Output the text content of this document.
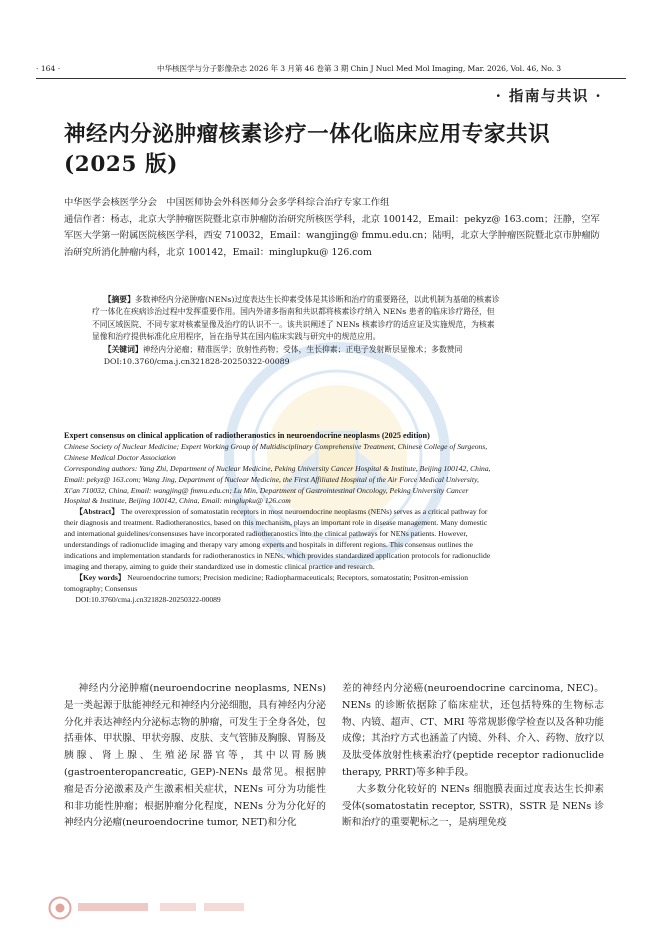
· 164 ·	中华核医学与分子影像杂志 2026 年 3 月第 46 卷第 3 期 Chin J Nucl Med Mol Imaging, Mar. 2026, Vol. 46, No. 3
· 指南与共识 ·
神经内分泌肿瘤核素诊疗一体化临床应用专家共识(2025 版)

中华医学会核医学分会　中国医师协会外科医师分会多学科综合治疗专家工作组

通信作者：杨志，北京大学肿瘤医院暨北京市肿瘤防治研究所核医学科，北京 100142，Email：pekyz@ 163.com；汪静，空军军医大学第一附属医院核医学科，西安 710032，Email：wangjing@ fmmu.edu.cn；陆明，北京大学肿瘤医院暨北京市肿瘤防治研究所消化肿瘤内科，北京 100142，Email：minglupku@ 126.com

【摘要】多数神经内分泌肿瘤(NENs)过度表达生长抑素受体是其诊断和治疗的重要路径，以此机制为基础的核素诊疗一体化在疾病诊治过程中发挥重要作用。国内外诸多指南和共识都将核素诊疗纳入 NENs 患者的临床诊疗路径，但不同区域医院、不同专家对核素显像及治疗的认识不一。该共识阐述了 NENs 核素诊疗的适应证及实施规范，为核素显像和治疗提供标准化应用程序，旨在指导其在国内临床实践与研究中的规范应用。

【关键词】神经内分泌瘤；精准医学；放射性药物；受体，生长抑素；正电子发射断层显像术；多数赞同

DOI:10.3760/cma.j.cn321828-20250322-00089

Expert consensus on clinical application of radiotheranostics in neuroendocrine neoplasms (2025 edition)

Chinese Society of Nuclear Medicine; Expert Working Group of Multidisciplinary Comprehensive Treatment, Chinese College of Surgeons, Chinese Medical Doctor Association

Corresponding authors: Yang Zhi, Department of Nuclear Medicine, Peking University Cancer Hospital & Institute, Beijing 100142, China, Email: pekyz@ 163.com; Wang Jing, Department of Nuclear Medicine, the First Affiliated Hospital of the Air Force Medical University, Xi'an 710032, China, Email: wangjing@ fmmu.edu.cn; Lu Min, Department of Gastrointestinal Oncology, Peking University Cancer Hospital & Institute, Beijing 100142, China, Email: minglupku@ 126.com

【Abstract】 The overexpression of somatostatin receptors in most neuroendocrine neoplasms (NENs) serves as a critical pathway for their diagnosis and treatment. Radiotheranostics, based on this mechanism, plays an important role in disease management. Many domestic and international guidelines/consensuses have incorporated radiotheranostics into the clinical pathways for NENs patients. However, understandings of radionuclide imaging and therapy vary among experts and hospitals in different regions. This consensus outlines the indications and implementation standards for radiotheranostics in NENs, which provides standardized application protocols for radionuclide imaging and therapy, aiming to guide their standardized use in domestic clinical practice and research.

【Key words】 Neuroendocrine tumors; Precision medicine; Radiopharmaceuticals; Receptors, somatostatin; Positron-emission tomography; Consensus

DOI:10.3760/cma.j.cn321828-20250322-00089

神经内分泌肿瘤(neuroendocrine neoplasms, NENs)是一类起源于肽能神经元和神经内分泌细胞，具有神经内分泌分化并表达神经内分泌标志物的肿瘤，可发生于全身各处，包括垂体、甲状腺、甲状旁腺、皮肤、支气管肺及胸腺、胃肠及胰腺、肾上腺、生殖泌尿器官等，其中以胃肠胰(gastroenteropancreatic, GEP)-NENs 最常见。根据肿瘤是否分泌激素及产生激素相关症状，NENs 可分为功能性和非功能性肿瘤；根据肿瘤分化程度，NENs 分为分化好的神经内分泌瘤(neuroendocrine tumor, NET)和分化

差的神经内分泌癌(neuroendocrine carcinoma, NEC)。NENs 的诊断依据除了临床症状，还包括特殊的生物标志物、内镜、超声、CT、MRI 等常规影像学检查以及各种功能成像；其治疗方式也涵盖了内镜、外科、介入、药物、放疗以及肽受体放射性核素治疗(peptide receptor radionuclide therapy, PRRT)等多种手段。

大多数分化较好的 NENs 细胞膜表面过度表达生长抑素受体(somatostatin receptor, SSTR)，SSTR 是 NENs 诊断和治疗的重要靶标之一，是病理免疫
